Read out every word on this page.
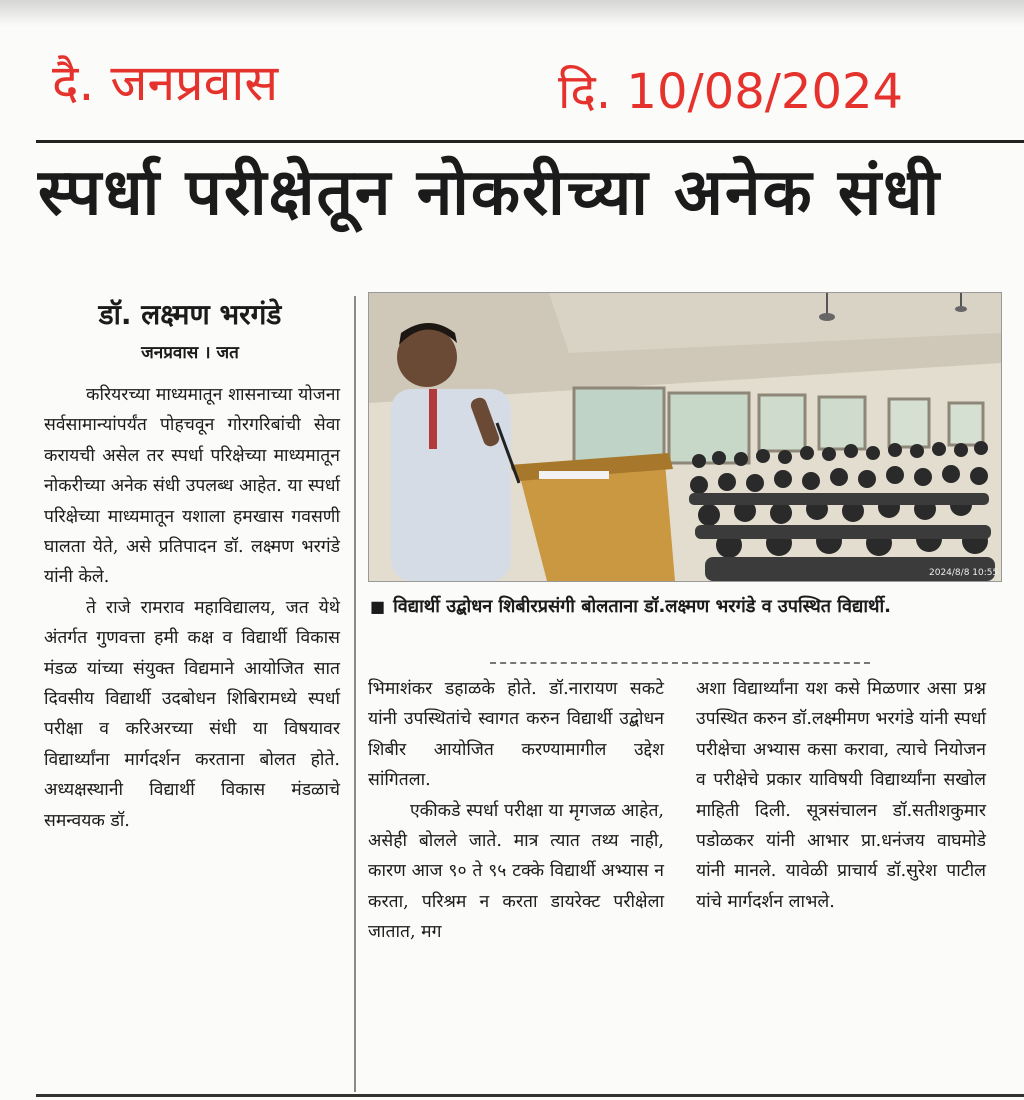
दै. जनप्रवास	दि. 10/08/2024
स्पर्धा परीक्षेतून नोकरीच्या अनेक संधी
डॉ. लक्ष्मण भरगंडे
जनप्रवास । जत

करियरच्या माध्यमातून शासनाच्या योजना सर्वसामान्यांपर्यंत पोहचवून गोरगरिबांची सेवा करायची असेल तर स्पर्धा परिक्षेच्या माध्यमातून नोकरीच्या अनेक संधी उपलब्ध आहेत. या स्पर्धा परिक्षेच्या माध्यमातून यशाला हमखास गवसणी घालता येते, असे प्रतिपादन डॉ. लक्ष्मण भरगंडे यांनी केले.

ते राजे रामराव महाविद्यालय, जत येथे अंतर्गत गुणवत्ता हमी कक्ष व विद्यार्थी विकास मंडळ यांच्या संयुक्त विद्यमाने आयोजित सात दिवसीय विद्यार्थी उदबोधन शिबिरामध्ये स्पर्धा परीक्षा व करिअरच्या संधी या विषयावर विद्यार्थ्यांना मार्गदर्शन करताना बोलत होते. अध्यक्षस्थानी विद्यार्थी विकास मंडळाचे समन्वयक डॉ.

2024/8/8 10:55
■ विद्यार्थी उद्बोधन शिबीरप्रसंगी बोलताना डॉ.लक्ष्मण भरगंडे व उपस्थित विद्यार्थी.

भिमाशंकर डहाळके होते. डॉ.नारायण सकटे यांनी उपस्थितांचे स्वागत करुन विद्यार्थी उद्बोधन शिबीर आयोजित करण्यामागील उद्देश सांगितला.

एकीकडे स्पर्धा परीक्षा या मृगजळ आहेत, असेही बोलले जाते. मात्र त्यात तथ्य नाही, कारण आज ९० ते ९५ टक्के विद्यार्थी अभ्यास न करता, परिश्रम न करता डायरेक्ट परीक्षेला जातात, मग

अशा विद्यार्थ्यांना यश कसे मिळणार असा प्रश्न उपस्थित करुन डॉ.लक्ष्मीमण भरगंडे यांनी स्पर्धा परीक्षेचा अभ्यास कसा करावा, त्याचे नियोजन व परीक्षेचे प्रकार याविषयी विद्यार्थ्यांना सखोल माहिती दिली. सूत्रसंचालन डॉ.सतीशकुमार पडोळकर यांनी आभार प्रा.धनंजय वाघमोडे यांनी मानले. यावेळी प्राचार्य डॉ.सुरेश पाटील यांचे मार्गदर्शन लाभले.
